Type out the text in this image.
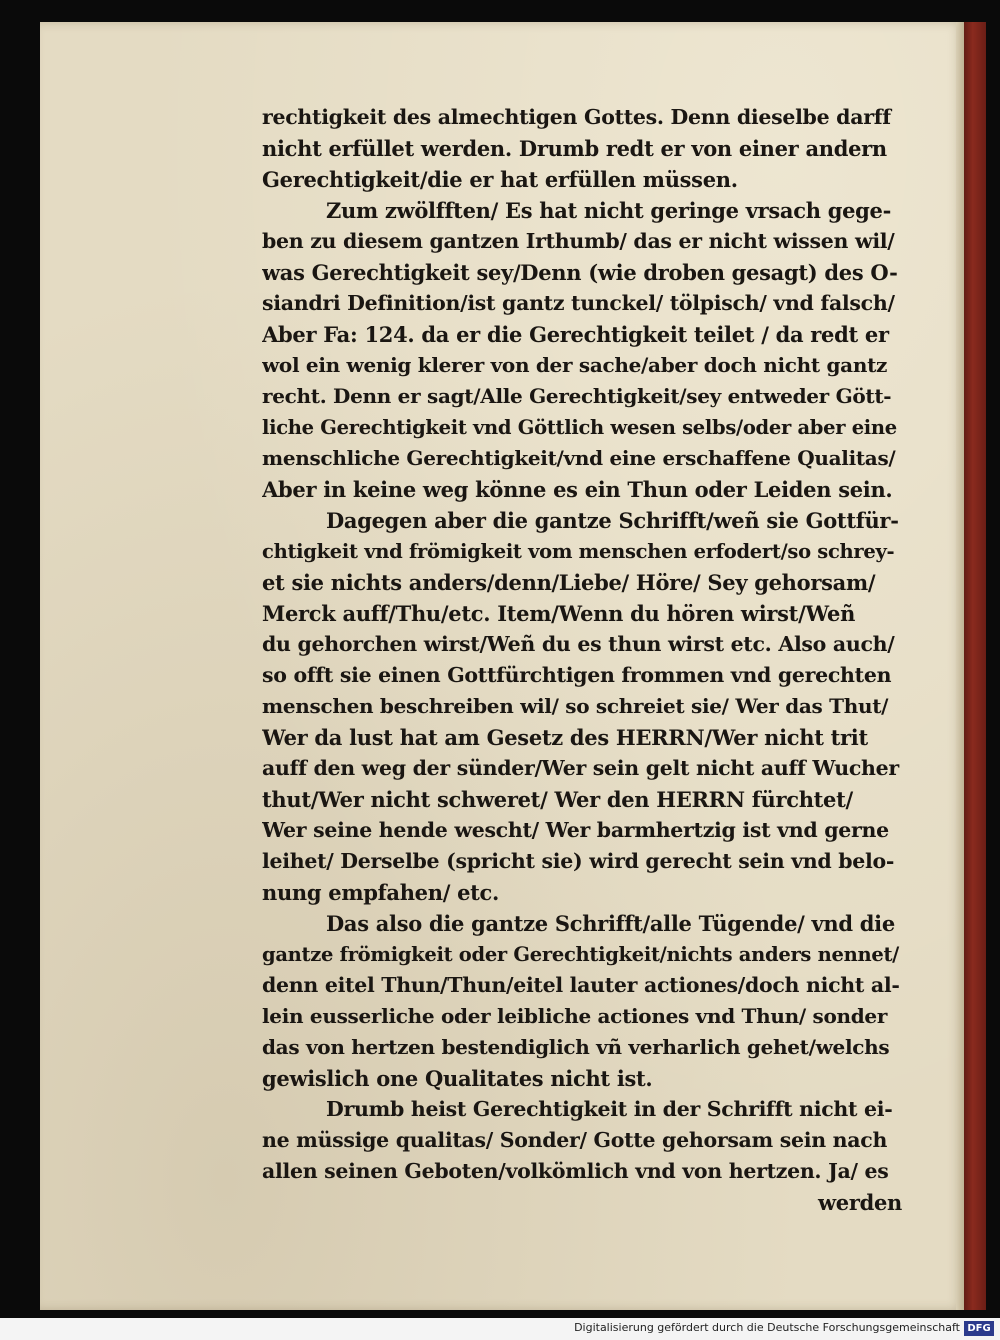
rechtigkeit des almechtigen Gottes. Denn dieselbe darff
nicht erfüllet werden. Drumb redt er von einer andern
Gerechtigkeit/die er hat erfüllen müssen.
Zum zwölfften/ Es hat nicht geringe vrsach gege-
ben zu diesem gantzen Irthumb/ das er nicht wissen wil/
was Gerechtigkeit sey/Denn (wie droben gesagt) des O-
siandri Definition/ist gantz tunckel/ tölpisch/ vnd falsch/
Aber Fa: 124. da er die Gerechtigkeit teilet / da redt er
wol ein wenig klerer von der sache/aber doch nicht gantz
recht. Denn er sagt/Alle Gerechtigkeit/sey entweder Gött-
liche Gerechtigkeit vnd Göttlich wesen selbs/oder aber eine
menschliche Gerechtigkeit/vnd eine erschaffene Qualitas/
Aber in keine weg könne es ein Thun oder Leiden sein.
Dagegen aber die gantze Schrifft/weñ sie Gottfür-
chtigkeit vnd frömigkeit vom menschen erfodert/so schrey-
et sie nichts anders/denn/Liebe/ Höre/ Sey gehorsam/
Merck auff/Thu/etc. Item/Wenn du hören wirst/Weñ
du gehorchen wirst/Weñ du es thun wirst etc. Also auch/
so offt sie einen Gottfürchtigen frommen vnd gerechten
menschen beschreiben wil/ so schreiet sie/ Wer das Thut/
Wer da lust hat am Gesetz des HERRN/Wer nicht trit
auff den weg der sünder/Wer sein gelt nicht auff Wucher
thut/Wer nicht schweret/ Wer den HERRN fürchtet/
Wer seine hende wescht/ Wer barmhertzig ist vnd gerne
leihet/ Derselbe (spricht sie) wird gerecht sein vnd belo-
nung empfahen/ etc.
Das also die gantze Schrifft/alle Tügende/ vnd die
gantze frömigkeit oder Gerechtigkeit/nichts anders nennet/
denn eitel Thun/Thun/eitel lauter actiones/doch nicht al-
lein eusserliche oder leibliche actiones vnd Thun/ sonder
das von hertzen bestendiglich vñ verharlich gehet/welchs
gewislich one Qualitates nicht ist.
Drumb heist Gerechtigkeit in der Schrifft nicht ei-
ne müssige qualitas/ Sonder/ Gotte gehorsam sein nach
allen seinen Geboten/volkömlich vnd von hertzen. Ja/ es
werden
Digitalisierung gefördert durch die Deutsche Forschungsgemeinschaft DFG
